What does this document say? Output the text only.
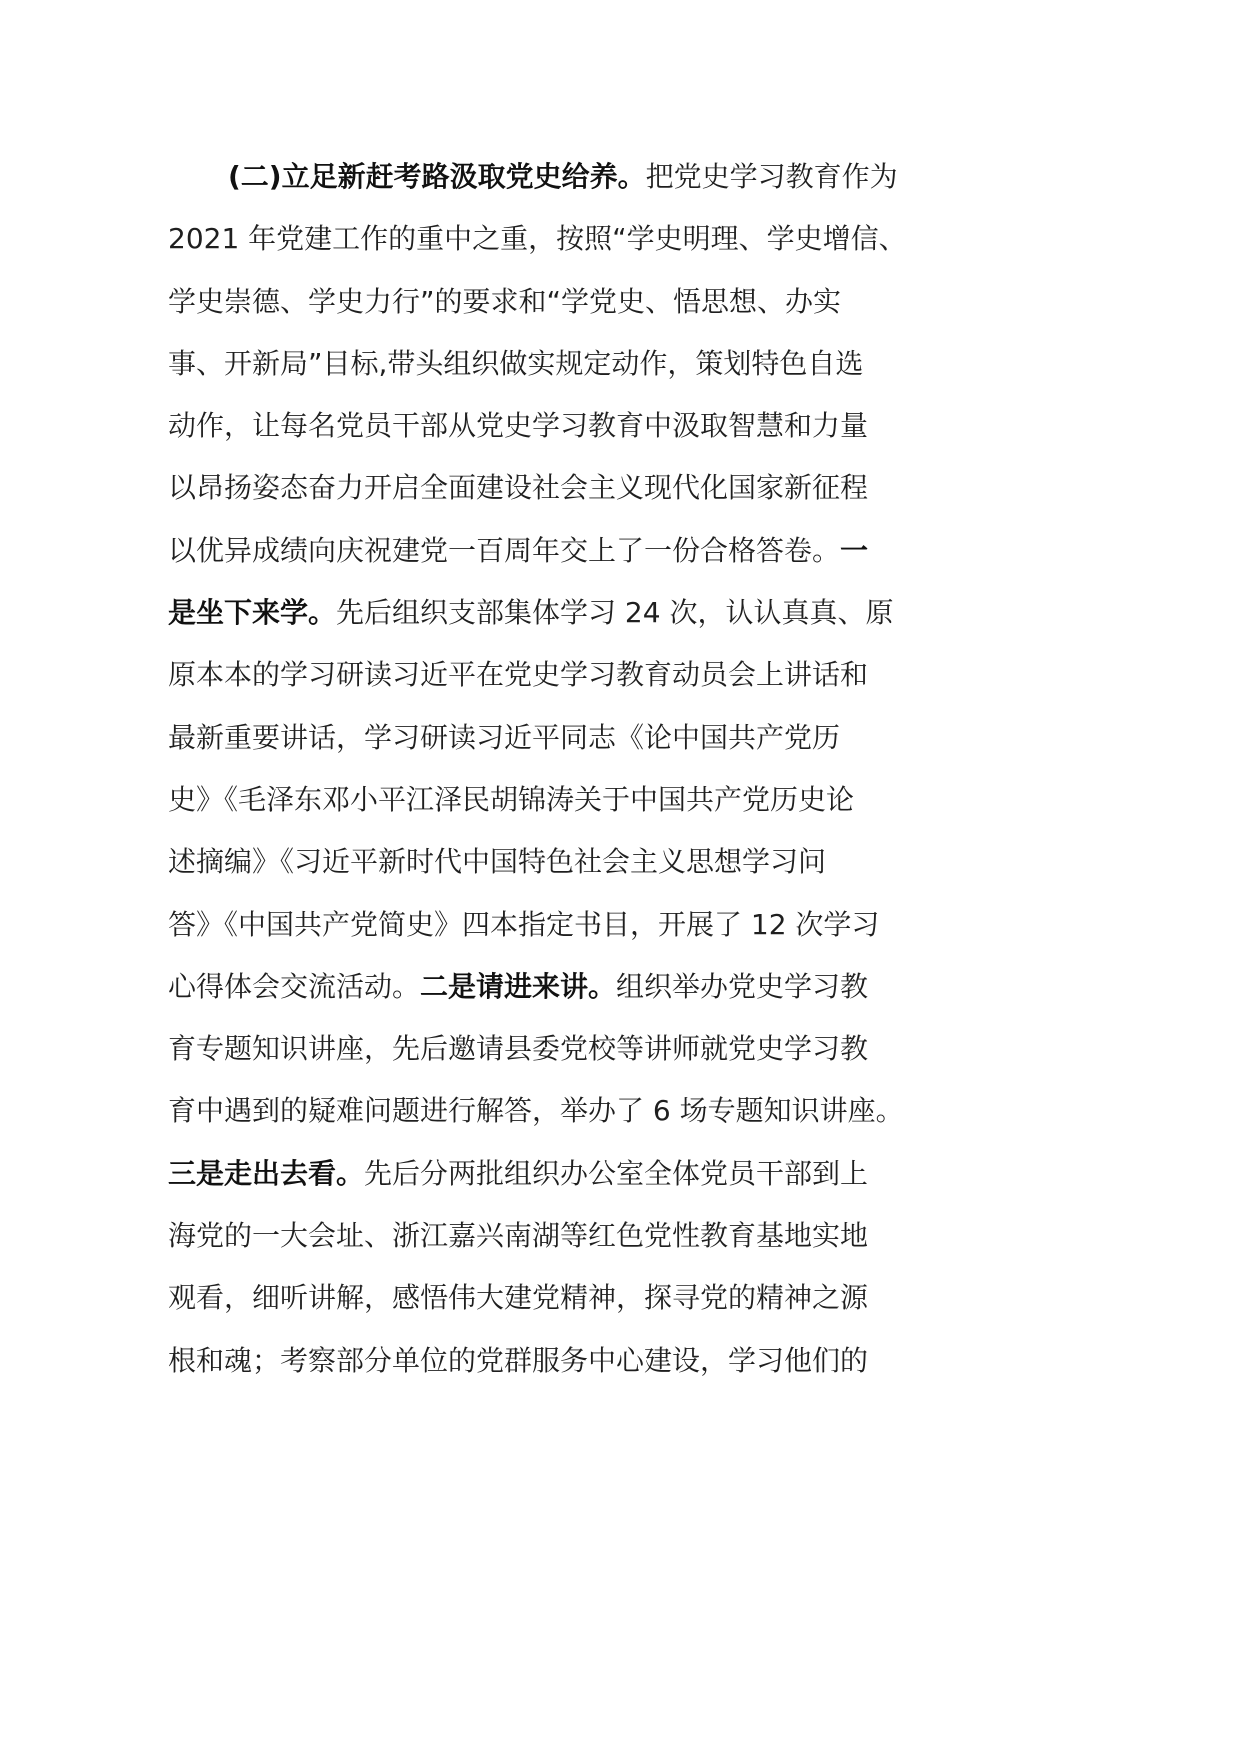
(二)立足新赶考路汲取党史给养。把党史学习教育作为
2021 年党建工作的重中之重，按照“学史明理、学史增信、
学史崇德、学史力行”的要求和“学党史、悟思想、办实
事、开新局”目标,带头组织做实规定动作，策划特色自选
动作，让每名党员干部从党史学习教育中汲取智慧和力量
以昂扬姿态奋力开启全面建设社会主义现代化国家新征程
以优异成绩向庆祝建党一百周年交上了一份合格答卷。一
是坐下来学。先后组织支部集体学习 24 次，认认真真、原
原本本的学习研读习近平在党史学习教育动员会上讲话和
最新重要讲话，学习研读习近平同志《论中国共产党历
史》《毛泽东邓小平江泽民胡锦涛关于中国共产党历史论
述摘编》《习近平新时代中国特色社会主义思想学习问
答》《中国共产党简史》四本指定书目，开展了 12 次学习
心得体会交流活动。二是请进来讲。组织举办党史学习教
育专题知识讲座，先后邀请县委党校等讲师就党史学习教
育中遇到的疑难问题进行解答，举办了 6 场专题知识讲座。
三是走出去看。先后分两批组织办公室全体党员干部到上
海党的一大会址、浙江嘉兴南湖等红色党性教育基地实地
观看，细听讲解，感悟伟大建党精神，探寻党的精神之源
根和魂；考察部分单位的党群服务中心建设，学习他们的
